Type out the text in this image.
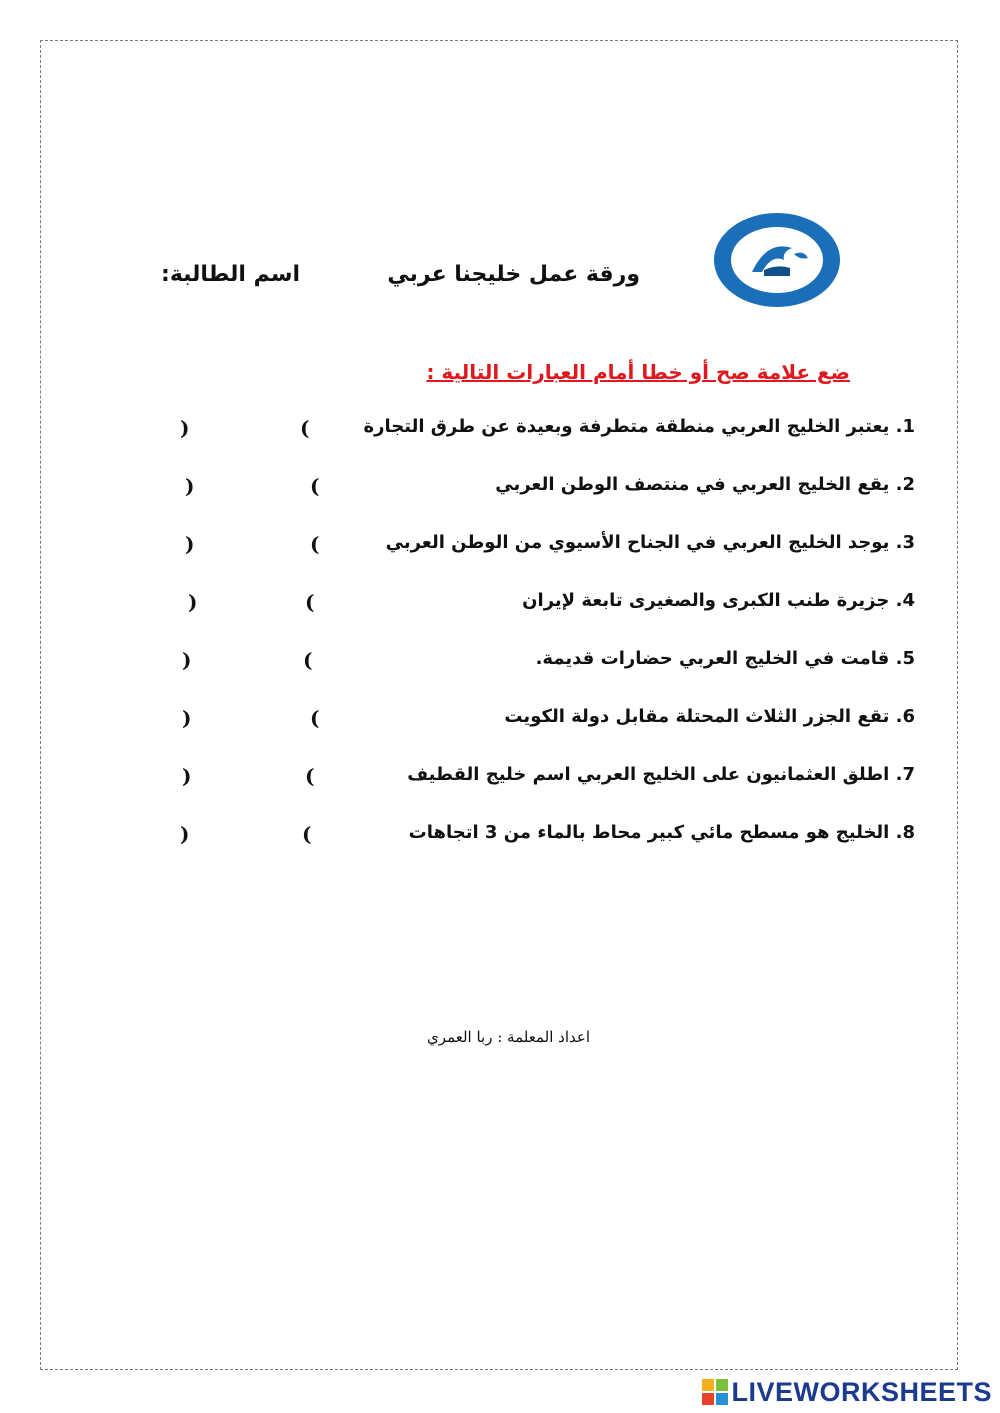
ورقة عمل خليجنا عربي
اسم الطالبة:
ضع علامة صح أو خطا أمام العبارات التالية :
1. يعتبر الخليج العربي منطقة متطرفة وبعيدة عن طرق التجارة
(
)
2. يقع الخليج العربي في منتصف الوطن العربي
(
)
3. يوجد الخليج العربي في الجناح الأسيوي من الوطن العربي
(
)
4. جزيرة طنب الكبرى والصغيرى تابعة لإيران
(
)
5. قامت في الخليج العربي حضارات قديمة.
(
)
6. تقع الجزر الثلاث المحتلة مقابل دولة الكويت
(
)
7. اطلق العثمانيون على الخليج العربي اسم خليج القطيف
(
)
8. الخليج هو مسطح مائي كبير محاط بالماء من 3 اتجاهات
(
)
اعداد المعلمة : ربا العمري
LIVEWORKSHEETS
